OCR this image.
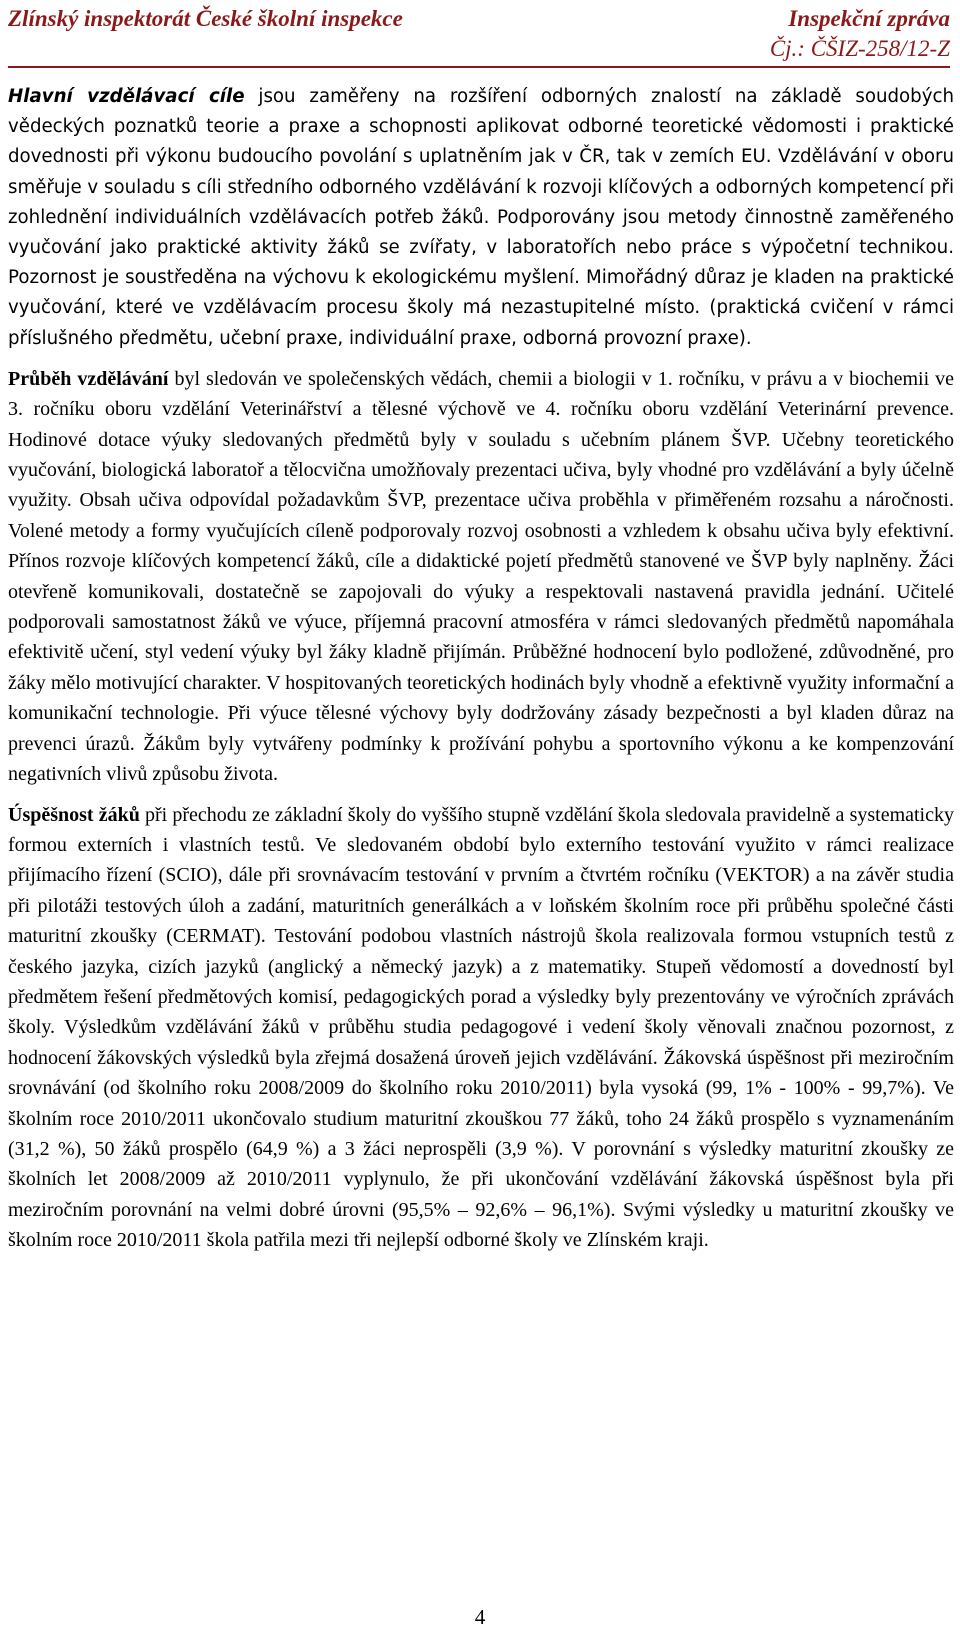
Zlínský inspektorát České školní inspekce	Inspekční zpráva
Čj.: ČŠIZ-258/12-Z

Hlavní vzdělávací cíle jsou zaměřeny na rozšíření odborných znalostí na základě soudobých vědeckých poznatků teorie a praxe a schopnosti aplikovat odborné teoretické vědomosti i praktické dovednosti při výkonu budoucího povolání s uplatněním jak v ČR, tak v zemích EU. Vzdělávání v oboru směřuje v souladu s cíli středního odborného vzdělávání k rozvoji klíčových a odborných kompetencí při zohlednění individuálních vzdělávacích potřeb žáků. Podporovány jsou metody činnostně zaměřeného vyučování jako praktické aktivity žáků se zvířaty, v laboratořích nebo práce s výpočetní technikou. Pozornost je soustředěna na výchovu k ekologickému myšlení. Mimořádný důraz je kladen na praktické vyučování, které ve vzdělávacím procesu školy má nezastupitelné místo. (praktická cvičení v rámci příslušného předmětu, učební praxe, individuální praxe, odborná provozní praxe).

Průběh vzdělávání byl sledován ve společenských vědách, chemii a biologii v 1. ročníku, v právu a v biochemii ve 3. ročníku oboru vzdělání Veterinářství a tělesné výchově ve 4. ročníku oboru vzdělání Veterinární prevence. Hodinové dotace výuky sledovaných předmětů byly v souladu s učebním plánem ŠVP. Učebny teoretického vyučování, biologická laboratoř a tělocvična umožňovaly prezentaci učiva, byly vhodné pro vzdělávání a byly účelně využity. Obsah učiva odpovídal požadavkům ŠVP, prezentace učiva proběhla v přiměřeném rozsahu a náročnosti. Volené metody a formy vyučujících cíleně podporovaly rozvoj osobnosti a vzhledem k obsahu učiva byly efektivní. Přínos rozvoje klíčových kompetencí žáků, cíle a didaktické pojetí předmětů stanovené ve ŠVP byly naplněny. Žáci otevřeně komunikovali, dostatečně se zapojovali do výuky a respektovali nastavená pravidla jednání. Učitelé podporovali samostatnost žáků ve výuce, příjemná pracovní atmosféra v rámci sledovaných předmětů napomáhala efektivitě učení, styl vedení výuky byl žáky kladně přijímán. Průběžné hodnocení bylo podložené, zdůvodněné, pro žáky mělo motivující charakter. V hospitovaných teoretických hodinách byly vhodně a efektivně využity informační a komunikační technologie. Při výuce tělesné výchovy byly dodržovány zásady bezpečnosti a byl kladen důraz na prevenci úrazů. Žákům byly vytvářeny podmínky k prožívání pohybu a sportovního výkonu a ke kompenzování negativních vlivů způsobu života.

Úspěšnost žáků při přechodu ze základní školy do vyššího stupně vzdělání škola sledovala pravidelně a systematicky formou externích i vlastních testů. Ve sledovaném období bylo externího testování využito v rámci realizace přijímacího řízení (SCIO), dále při srovnávacím testování v prvním a čtvrtém ročníku (VEKTOR) a na závěr studia při pilotáži testových úloh a zadání, maturitních generálkách a v loňském školním roce při průběhu společné části maturitní zkoušky (CERMAT). Testování podobou vlastních nástrojů škola realizovala formou vstupních testů z českého jazyka, cizích jazyků (anglický a německý jazyk) a z matematiky. Stupeň vědomostí a dovedností byl předmětem řešení předmětových komisí, pedagogických porad a výsledky byly prezentovány ve výročních zprávách školy. Výsledkům vzdělávání žáků v průběhu studia pedagogové i vedení školy věnovali značnou pozornost, z hodnocení žákovských výsledků byla zřejmá dosažená úroveň jejich vzdělávání. Žákovská úspěšnost při meziročním srovnávání (od školního roku 2008/2009 do školního roku 2010/2011) byla vysoká (99, 1% - 100% - 99,7%). Ve školním roce 2010/2011 ukončovalo studium maturitní zkouškou 77 žáků, toho 24 žáků prospělo s vyznamenáním (31,2 %), 50 žáků prospělo (64,9 %) a 3 žáci neprospěli (3,9 %). V porovnání s výsledky maturitní zkoušky ze školních let 2008/2009 až 2010/2011 vyplynulo, že při ukončování vzdělávání žákovská úspěšnost byla při meziročním porovnání na velmi dobré úrovni (95,5% – 92,6% – 96,1%). Svými výsledky u maturitní zkoušky ve školním roce 2010/2011 škola patřila mezi tři nejlepší odborné školy ve Zlínském kraji.

4
